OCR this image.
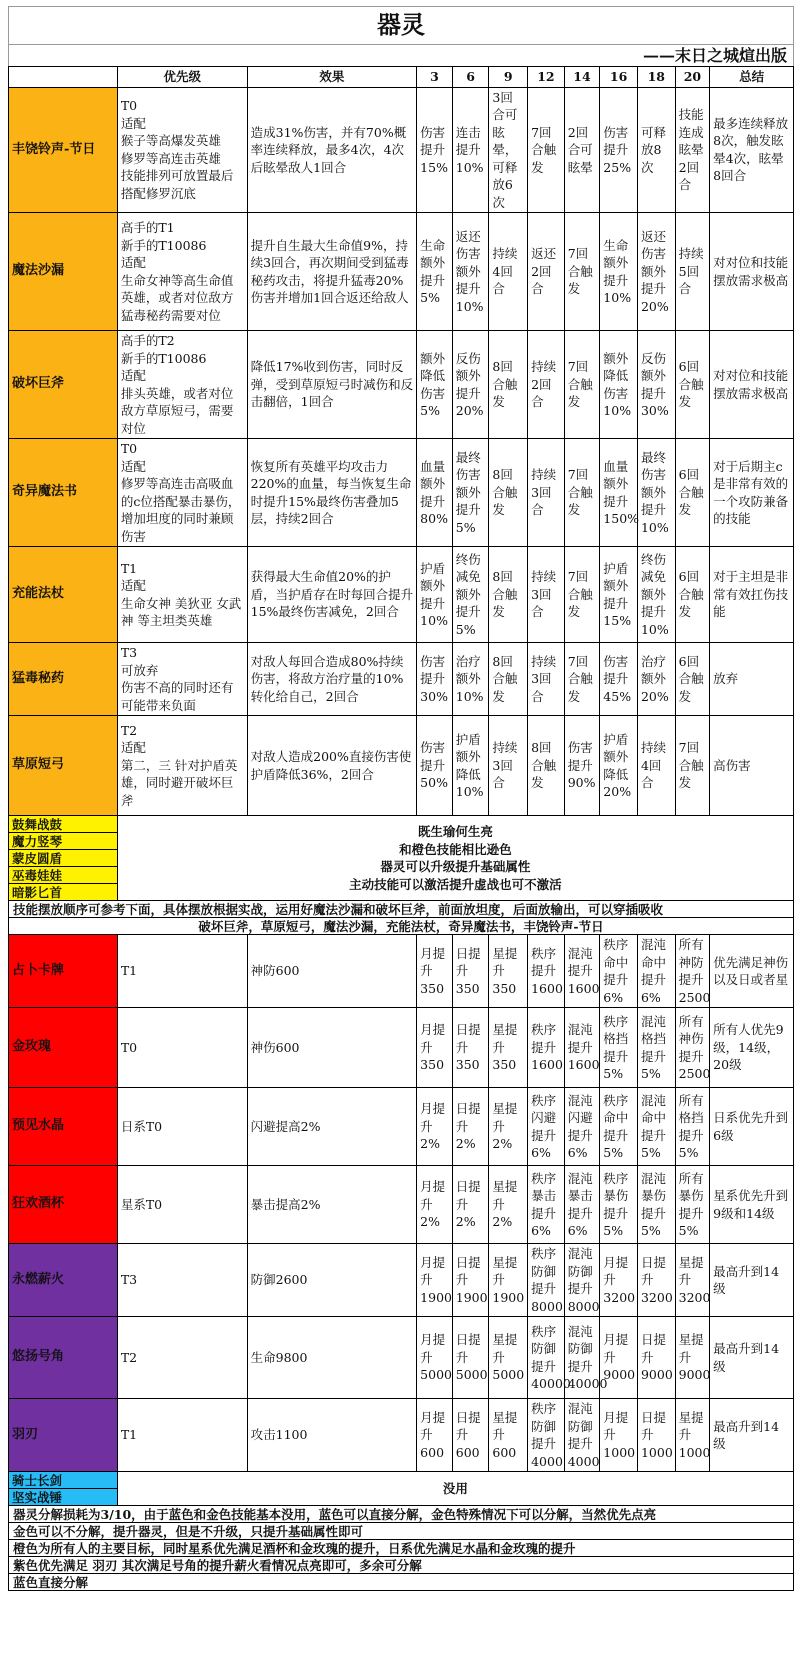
器灵
——末日之城煊出版
	优先级	效果	3	6	9	12	14	16	18	20	总结
丰饶铃声-节日	T0
适配
猴子等高爆发英雄
修罗等高连击英雄
技能排列可放置最后搭配修罗沉底	造成31%伤害，并有70%概率连续释放，最多4次，4次后眩晕敌人1回合	伤害提升15%	连击提升10%	3回合可眩晕，可释放6次	7回合触发	2回合可眩晕	伤害提升25%	可释放8次	技能连成眩晕2回合	最多连续释放8次，触发眩晕4次，眩晕8回合
魔法沙漏	高手的T1
新手的T10086
适配
生命女神等高生命值英雄，或者对位敌方猛毒秘药需要对位	提升自生最大生命值9%，持续3回合，再次期间受到猛毒秘药攻击，将提升猛毒20%伤害并增加1回合返还给敌人	生命额外提升5%	返还伤害额外提升10%	持续4回合	返还2回合	7回合触发	生命额外提升10%	返还伤害额外提升20%	持续5回合	对对位和技能摆放需求极高
破坏巨斧	高手的T2
新手的T10086
适配
排头英雄，或者对位敌方草原短弓，需要对位	降低17%收到伤害，同时反弹，受到草原短弓时减伤和反击翻倍，1回合	额外降低伤害5%	反伤额外提升20%	8回合触发	持续2回合	7回合触发	额外降低伤害10%	反伤额外提升30%	6回合触发	对对位和技能摆放需求极高
奇异魔法书	T0
适配
修罗等高连击高吸血的c位搭配暴击暴伤，增加坦度的同时兼顾伤害	恢复所有英雄平均攻击力220%的血量，每当恢复生命时提升15%最终伤害叠加5层，持续2回合	血量额外提升80%	最终伤害额外提升5%	8回合触发	持续3回合	7回合触发	血量额外提升150%	最终伤害额外提升10%	6回合触发	对于后期主c是非常有效的一个攻防兼备的技能
充能法杖	T1
适配
生命女神 美狄亚 女武神 等主坦类英雄	获得最大生命值20%的护盾，当护盾存在时每回合提升15%最终伤害减免，2回合	护盾额外提升10%	终伤减免额外提升5%	8回合触发	持续3回合	7回合触发	护盾额外提升15%	终伤减免额外提升10%	6回合触发	对于主坦是非常有效扛伤技能
猛毒秘药	T3
可放弃
伤害不高的同时还有可能带来负面	对敌人每回合造成80%持续伤害，将敌方治疗量的10%转化给自己，2回合	伤害提升30%	治疗额外10%	8回合触发	持续3回合	7回合触发	伤害提升45%	治疗额外20%	6回合触发	放弃
草原短弓	T2
适配
第二，三 针对护盾英雄，同时避开破坏巨斧	对敌人造成200%直接伤害使护盾降低36%，2回合	伤害提升50%	护盾额外降低10%	持续3回合	8回合触发	伤害提升90%	护盾额外降低20%	持续4回合	7回合触发	高伤害
鼓舞战鼓	既生瑜何生亮
和橙色技能相比逊色
器灵可以升级提升基础属性
主动技能可以激活提升虚战也可不激活										

魔力竖琴											
蒙皮圆盾											
巫毒娃娃											
暗影匕首											
技能摆放顺序可参考下面，具体摆放根据实战，运用好魔法沙漏和破坏巨斧，前面放坦度，后面放输出，可以穿插吸收											
破坏巨斧，草原短弓，魔法沙漏，充能法杖，奇异魔法书，丰饶铃声-节日											
占卜卡牌	T1	神防600	月提升350	日提升350	星提升350	秩序提升1600	混沌提升1600	秩序命中提升6%	混沌命中提升6%	所有神防提升2500	优先满足神伤以及日或者星
金玫瑰	T0	神伤600	月提升350	日提升350	星提升350	秩序提升1600	混沌提升1600	秩序格挡提升5%	混沌格挡提升5%	所有神伤提升2500	所有人优先9级，14级，20级
预见水晶	日系T0	闪避提高2%	月提升2%	日提升2%	星提升2%	秩序闪避提升6%	混沌闪避提升6%	秩序命中提升5%	混沌命中提升5%	所有格挡提升5%	日系优先升到6级
狂欢酒杯	星系T0	暴击提高2%	月提升2%	日提升2%	星提升2%	秩序暴击提升6%	混沌暴击提升6%	秩序暴伤提升5%	混沌暴伤提升5%	所有暴伤提升5%	星系优先升到9级和14级
永燃薪火	T3	防御2600	月提升1900	日提升1900	星提升1900	秩序防御提升8000	混沌防御提升8000	月提升3200	日提升3200	星提升3200	最高升到14级
悠扬号角	T2	生命9800	月提升5000	日提升5000	星提升5000	秩序防御提升40000	混沌防御提升40000	月提升9000	日提升9000	星提升9000	最高升到14级
羽刃	T1	攻击1100	月提升600	日提升600	星提升600	秩序防御提升4000	混沌防御提升4000	月提升1000	日提升1000	星提升1000	最高升到14级
骑士长剑	没用										
坚实战锤											
器灵分解损耗为3/10，由于蓝色和金色技能基本没用，蓝色可以直接分解，金色特殊情况下可以分解，当然优先点亮											
金色可以不分解，提升器灵，但是不升级，只提升基础属性即可											
橙色为所有人的主要目标，同时星系优先满足酒杯和金玫瑰的提升，日系优先满足水晶和金玫瑰的提升											
紫色优先满足 羽刃 其次满足号角的提升薪火看情况点亮即可，多余可分解											
蓝色直接分解											
